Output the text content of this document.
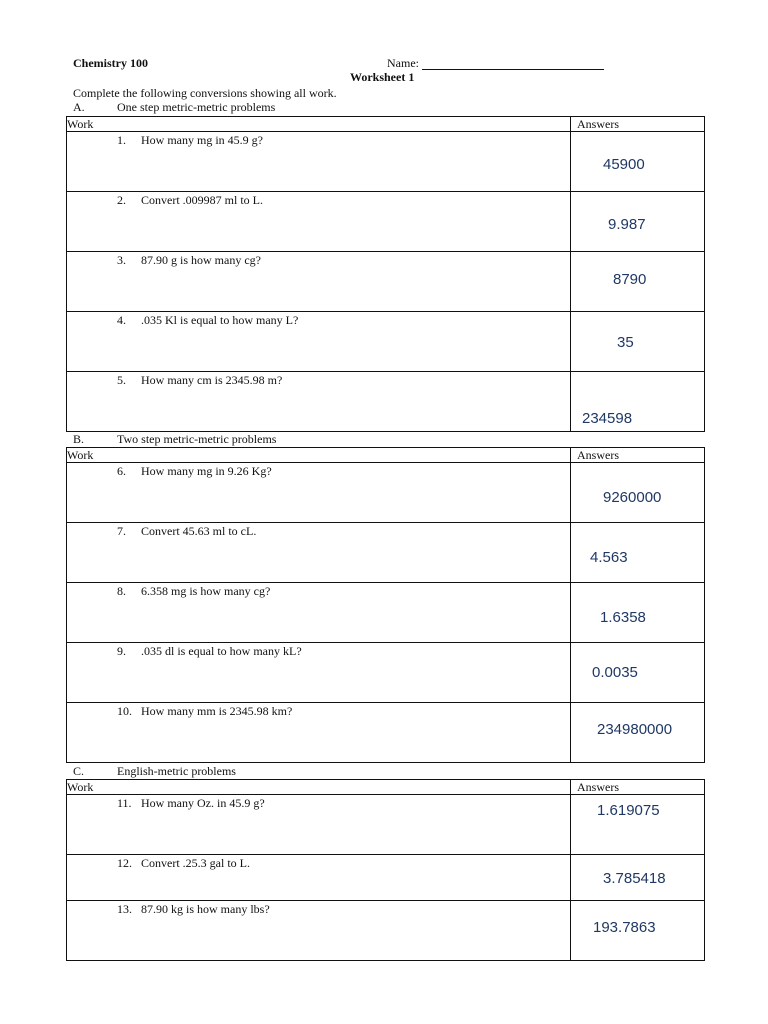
Chemistry 100	Name:
Worksheet 1
Complete the following conversions showing all work.
A.	One step metric-metric problems
Work	Answers

1. How many mg in 45.9 g?	45900

2. Convert .009987 ml to L.	9.987

3. 87.90 g is how many cg?	8790

4. .035 Kl is equal to how many L?	35

5. How many cm is 2345.98 m?	234598
B.	Two step metric-metric problems
Work	Answers

6. How many mg in 9.26 Kg?	9260000

7. Convert 45.63 ml to cL.	4.563

8. 6.358 mg is how many cg?	1.6358

9. .035 dl is equal to how many kL?	0.0035

10. How many mm is 2345.98 km?	234980000
C.	English-metric problems
Work	Answers

11. How many Oz. in 45.9 g?	1.619075

12. Convert .25.3 gal to L.	3.785418

13. 87.90 kg is how many lbs?	193.7863
